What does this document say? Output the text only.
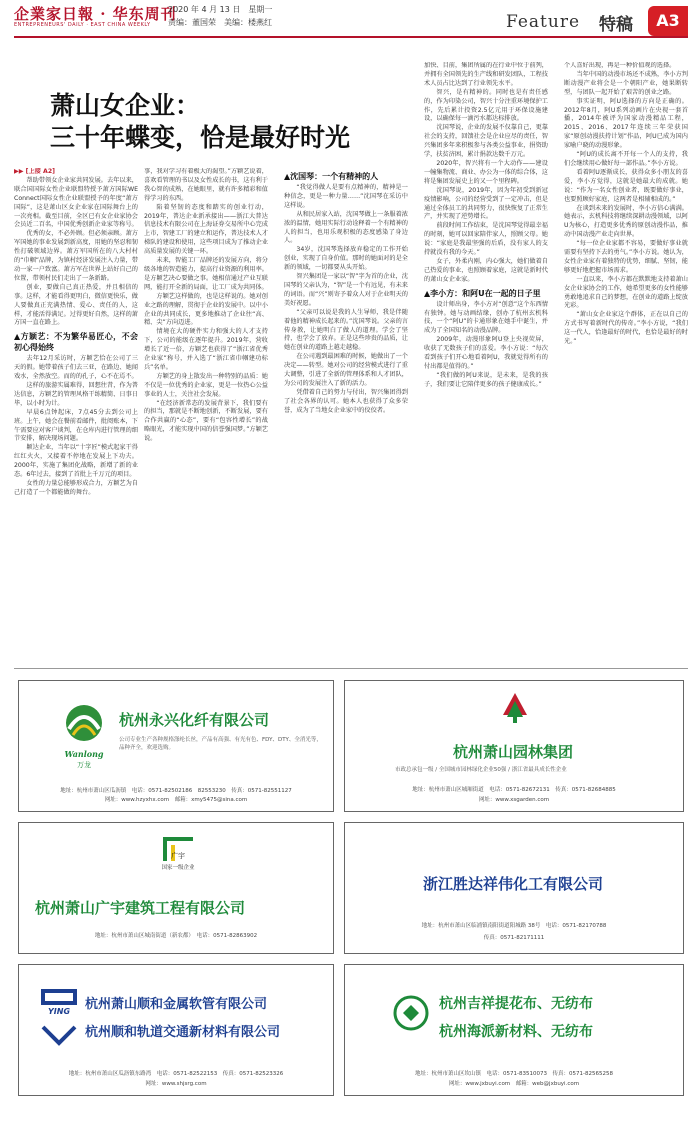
企業家日報 · 华东周刊
ENTREPRENEURS' DAILY · EAST CHINA WEEKLY
2020 年 4 月 13 日　星期一
责编：董国荣　美编：楼燕红	Feature 特稿	A3
萧山女企业：
三十年蝶变，恰是最好时光

▶▶ [上接 A2]

帮助带领女企业家共同发展。去年以来，联合国国际女性企业联盟特授予萧方国际WE Connect国际女性企业联盟授予的年度“萧方国际”，这是萧山区女企业家在国际舞台上的一次亮相。截至目前，全区已有女企业家协会会员近二百名，中国优秀创新企业家等称号。

优秀的女，不必外顾。但必须亲顾。萧方军国她的事业发展到新高度，用她的坚忍和韧性打破领域边界。萧方军国所在的八大村村的“巾帼”品牌，为镇村经济发展注入力量，带动一家一户致富。萧方军在世界上站好自己的位置，带领村民们走出了一条新路。

创业，要做自己真正热爱，并且相信的事。这样，才能看得更明白，微信更快乐，做人要做真正充满热情、爱心、责任的人，这样，才能活得满足。过得更好自然，这样的萧方国一直在路上。

▲方颖艺：不为繁华易匠心，不会初心得始终

去年12月采访时，方颖艺恰在公司了三天的假。她带着孩子们去三亚，在路边、她闻戏水，全然放空。而的的孔子，心不在焉不。

这样的旅游实属难得，回想往昔，作为普达信息，方颖艺的管理风格干练精简、日事日毕，以小时为计。

早晨6点钟起床，7点45分去到公司上班。上午，她会在餐前看邮件，批阅账本，下午需要应对客户谈判，在仓库内进行管理的细节安排，解决现场问题。

颖达企业，当年以“十字匠”模式起家干得红红火火，又接着不停地在发展上下功夫。2000年，实施了集团化战略，新增了新的业态。6年过去，接到了首批上千万元的项目。

女性的力量总能够形成合力，方颖艺为自己打造了一个都能做的舞台。

事，我对学习有着极大的渴望。”方颖艺说着，喜欢看管理的书以及女性成长的书，这有利于我心智的成熟，在她眼里，就有许多精彩和值得学习的东西。

陷着坚韧的态度和踏实的创业行动，2019年，普达企业新承接出——浙江大普达信息技术有限公司在上海证券交易所中心完成上市，智建工厂的建立和运作，普达技术人才梯队的建设和使用，这些项目成为了推动企业高质量发展的关键一环。

未来，智能工厂品牌还的发展方向，将分级各地的智造能力，提高行业资源的利用率。是方颖艺决心要做之事。她相信通过产业互联网，能打开全新的局面，让工厂成为共同体。

方颖艺这样做的，也是这样说的。她对创业之路的理解，贯彻于企业的发展中。以中小企业的共同成长，更多地推动了企业往“高、精、尖”方向迈进。

情境在大的硬件实力和强大的人才支持下，公司的能级在逐年提升。2019年，营收增长了近一倍，方颖艺也获得了“浙江省优秀企业家”称号，并入选了“浙江省巾帼建功标兵”名单。

方颖艺的身上散发出一种特别的品质：她不仅是一位优秀的企业家，更是一位热心公益事业的人士，关注社会发展。

“在经济新常态的发展背景下，我们要有的担当，那就是不断地创新，不断发展，要有合作共赢的“心态”，要有“包容性增长”的战略眼光，才能实现中国的信誉强国梦。”方颖艺说。

▲沈国琴：一个有精神的人

“我觉得做人是要有点精神的，精神是一种信念，更是一种力量……”沈国琴在采访中这样说。

从和民居家入站，沈国琴做上一条服着浓浓的温情，她用实际行动诠释着一个有精神的人的担当，也用乐观积极的态度感染了身边人。

34岁，沈国琴选择放弃稳定的工作开始创业，实现了自身价值。那时的她面对的是全新的领域，一切都要从头开始。

智兴集团是一家以“智”字为首的企业，沈国琴的父亲认为，“智”是一个有远见，有未来的词语。而“兴”则寄予着众人对于企业明天的美好祝愿。

“父亲可以说是我的人生导师，我是伴随着他的精神成长起来的。”沈国琴说。父亲的言传身教，让她明白了做人的道理。学会了坚持，也学会了放弃。正是这些珍贵的品质，让她在创业的道路上越走越稳。

在公司遇到最困难的时候，她做出了一个决定——转型。她对公司的经营模式进行了重大调整，引进了全新的管理体系和人才团队，为公司的发展注入了新的活力。

凭借着自己的努力与付出，智兴集团得到了社会各界的认可。她本人也获得了众多荣誉，成为了当地女企业家中的佼佼者。

加快、目前，集团所属的在行业中位于前列，并拥有全国领先的生产线和研发团队，工程技术人员占比达到了行业领先水平。

智兴，是有精神的。同时也是有责任感的，作为印染公司，智兴十分注重环境保护工作，先后累计投资2.5亿元用于环保设施建设，以确保每一滴污水都达标排放。

沈国琴说，企业的发展不仅靠自己，更靠社会的支持，回馈社会是企业应尽的责任，智兴集团多年来积极参与各类公益事业，捐资助学，扶贫济困，累计捐款达数千万元。

2020年，智兴将有一个大动作——建设一幢集物流、商业、办公为一体的综合体，这将是集团发展史上的又一个里程碑。

沈国琴说，2019年，因为年初受到新冠疫情影响，公司的经营受到了一定冲击，但是通过全体员工的共同努力，很快恢复了正常生产，并实现了逆势增长。

前段时间工作结束，是沈国琴觉得最幸福的时刻，她可以回家陪伴家人，照顾父母。她说：“家庭是我最坚强的后盾，没有家人的支持就没有我的今天。”

女子，外柔内刚，内心强大，她们做着自己热爱的事业，也照顾着家庭，这就是新时代的萧山女企业家。

▲李小方：和阿U在一起的日子里

设计师出身，李小方对“创意”这个东西情有独钟。她与动画结缘，创办了杭州玄机科技，一个“阿U”的卡通形象在她手中诞生，并成为了全国知名的动漫品牌。

2009年，动漫形象阿U登上央视荧屏，收获了无数孩子们的喜爱。李小方说：“每次看到孩子们开心地看着阿U，我就觉得所有的付出都是值得的。”

“我们做的阿U来说，是未来，是我的孩子，我们要让它陪伴更多的孩子健康成长。”

个人喜好出现，再是一种价值观的选择。

当年中国的动漫市场还不成熟，李小方判断动漫产业将会是一个朝阳产业，她果断转型，与团队一起开始了艰苦的创业之路。

事实证明，阿U选择的方向是正确的。2012年8月，阿U系列动画片在央视一套首播，2014年被评为国家动漫精品工程，2015、2016、2017年连续三年荣获国家“原创动漫扶持计划”作品，阿U已成为国内家喻户晓的动漫形象。

“阿U的成长离不开每一个人的支持，我们会继续用心做好每一部作品。”李小方说。

看着阿U逐渐成长，获得众多小朋友的喜爱，李小方觉得，这就是她最大的成就。她说：“作为一名女性创业者，既要做好事业，也要照顾好家庭，这两者是相辅相成的。”

在谈到未来的发展时，李小方信心满满。她表示，玄机科技将继续深耕动漫领域，以阿U为核心，打造更多优秀的原创动漫作品，推动中国动漫产业走向世界。

“每一位企业家都不容易，要做好事业就需要有坚持下去的勇气。”李小方说。她认为，女性企业家有着独特的优势，细腻、坚韧，能够更好地把握市场需求。

一直以来，李小方都在默默地支持着萧山女企业家协会的工作，她希望更多的女性能够勇敢地追求自己的梦想，在创业的道路上绽放光彩。

“萧山女企业家这个群体，正在以自己的方式书写着新时代的传奇。”李小方说，“我们这一代人，恰逢最好的时代，也恰是最好的时光。”

Wanlong
万龙
杭州永兴化纤有限公司
公司专业生产各种规格涤纶长丝，产品有高强、有光有色、FDY、DTY、全消光等，品种齐全，欢迎选购。
地址：杭州市萧山区瓜沥镇　电话：0571-82502186　82553230　传真：0571-82551127
网址：www.hzyxhx.com　邮箱：xmy5475@sina.com
杭州萧山园林集团
市政总承包一级 / 全国城市园林绿化企业50强 / 浙江省最具成长性企业
地址：杭州市萧山区城厢街道　电话：0571-82672131　传真：0571-82684885
网址：www.xsgarden.com
广宇
国家一级企业
杭州萧山广宇建筑工程有限公司
地址：杭州市萧山区城南街道（新农都）　电话：0571-82863902
浙江胜达祥伟化工有限公司
地址：杭州市萧山区临浦镇南阳街道阳城路 38号　电话：0571-82170788
传真：0571-82171111
YING	杭州萧山顺和金属软管有限公司
杭州顺和轨道交通新材料有限公司
地址：杭州市萧山区瓜沥镇东路湾　电话：0571-82522153　传真：0571-82523326
网址：www.shjsrg.com
杭州吉祥提花布、无纺布
杭州海派新材料、无纺布
地址：杭州市萧山区坎山镇　电话：0571-83510073　传真：0571-82565258
网址：www.jxbuyi.com　邮箱：web@jxbuyi.com
